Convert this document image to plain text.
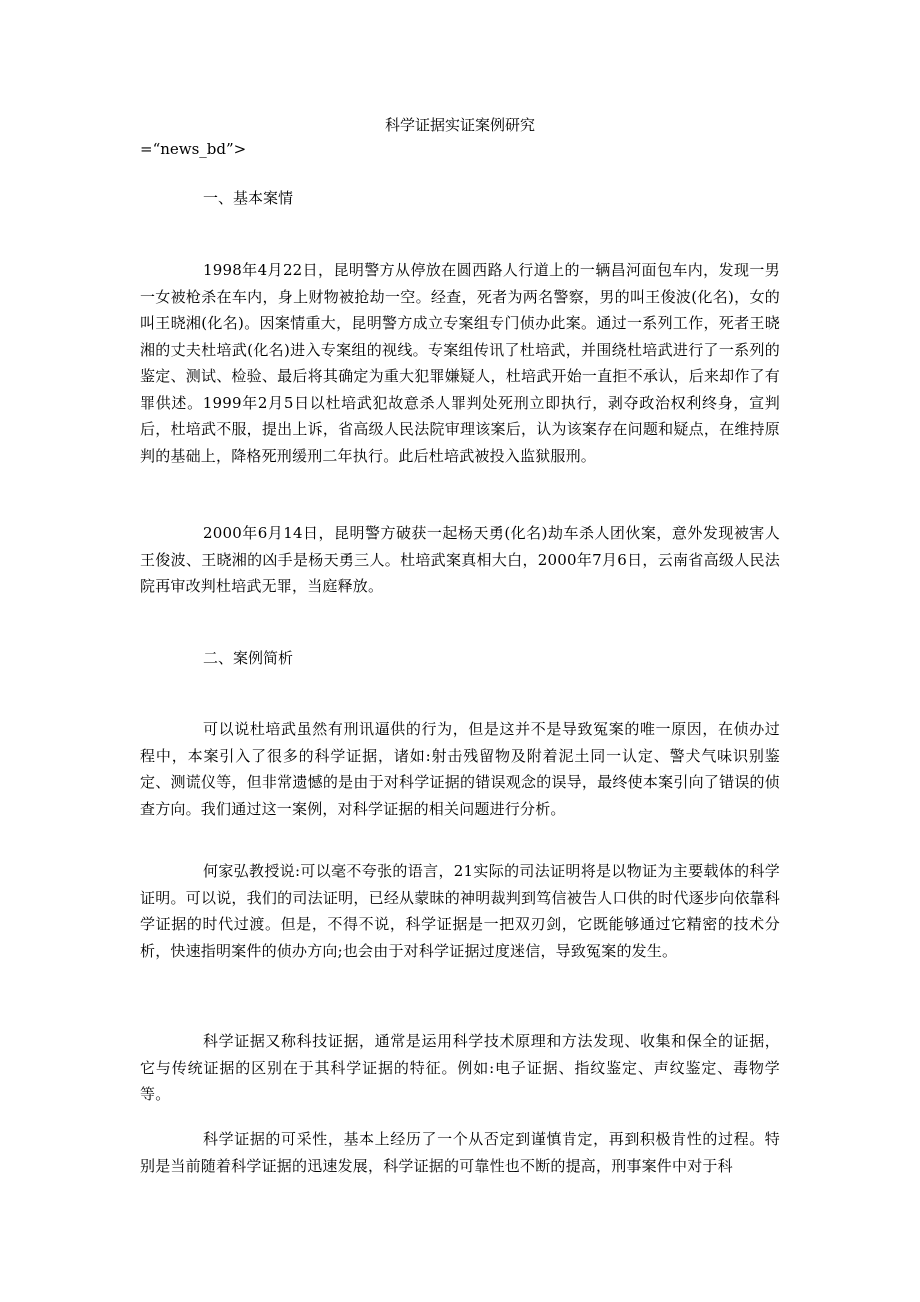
科学证据实证案例研究

=“news_bd”>

一、基本案情

1998年4月22日，昆明警方从停放在圆西路人行道上的一辆昌河面包车内，发现一男一女被枪杀在车内，身上财物被抢劫一空。经查，死者为两名警察，男的叫王俊波(化名)，女的叫王晓湘(化名)。因案情重大，昆明警方成立专案组专门侦办此案。通过一系列工作，死者王晓湘的丈夫杜培武(化名)进入专案组的视线。专案组传讯了杜培武，并围绕杜培武进行了一系列的鉴定、测试、检验、最后将其确定为重大犯罪嫌疑人，杜培武开始一直拒不承认，后来却作了有罪供述。1999年2月5日以杜培武犯故意杀人罪判处死刑立即执行，剥夺政治权利终身，宣判后，杜培武不服，提出上诉，省高级人民法院审理该案后，认为该案存在问题和疑点，在维持原判的基础上，降格死刑缓刑二年执行。此后杜培武被投入监狱服刑。

2000年6月14日，昆明警方破获一起杨天勇(化名)劫车杀人团伙案，意外发现被害人王俊波、王晓湘的凶手是杨天勇三人。杜培武案真相大白，2000年7月6日，云南省高级人民法院再审改判杜培武无罪，当庭释放。

二、案例简析

可以说杜培武虽然有刑讯逼供的行为，但是这并不是导致冤案的唯一原因，在侦办过程中，本案引入了很多的科学证据，诸如:射击残留物及附着泥土同一认定、警犬气味识别鉴定、测谎仪等，但非常遗憾的是由于对科学证据的错误观念的误导，最终使本案引向了错误的侦查方向。我们通过这一案例，对科学证据的相关问题进行分析。

何家弘教授说:可以毫不夸张的语言，21实际的司法证明将是以物证为主要载体的科学证明。可以说，我们的司法证明，已经从蒙昧的神明裁判到笃信被告人口供的时代逐步向依靠科学证据的时代过渡。但是，不得不说，科学证据是一把双刃剑，它既能够通过它精密的技术分析，快速指明案件的侦办方向;也会由于对科学证据过度迷信，导致冤案的发生。

科学证据又称科技证据，通常是运用科学技术原理和方法发现、收集和保全的证据，它与传统证据的区别在于其科学证据的特征。例如:电子证据、指纹鉴定、声纹鉴定、毒物学等。

科学证据的可采性，基本上经历了一个从否定到谨慎肯定，再到积极肯性的过程。特别是当前随着科学证据的迅速发展，科学证据的可靠性也不断的提高，刑事案件中对于科
